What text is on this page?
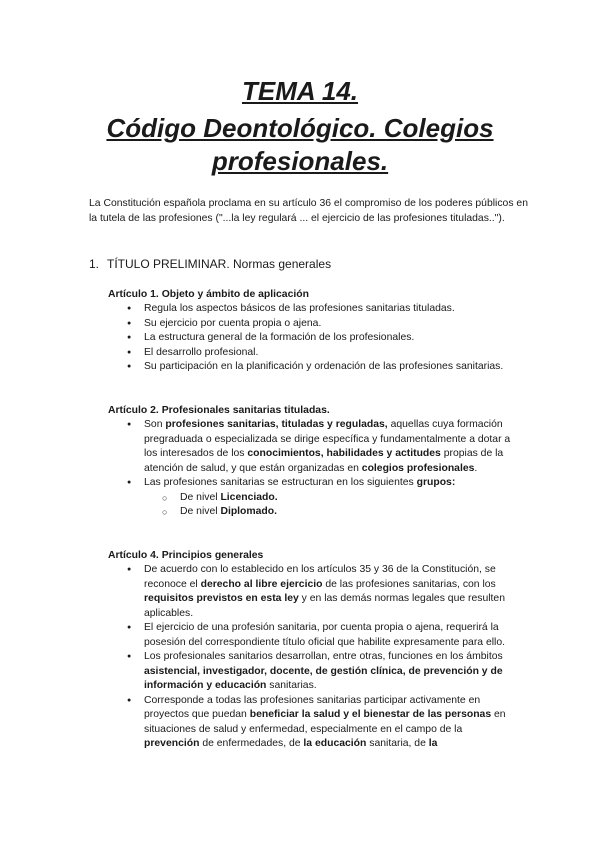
TEMA 14.
Código Deontológico. Colegios
profesionales.

La Constitución española proclama en su artículo 36 el compromiso de los poderes públicos en la tutela de las profesiones ("...la ley regulará ... el ejercicio de las profesiones tituladas..").

1. TÍTULO PRELIMINAR. Normas generales
Artículo 1. Objeto y ámbito de aplicación
● Regula los aspectos básicos de las profesiones sanitarias tituladas.
● Su ejercicio por cuenta propia o ajena.
● La estructura general de la formación de los profesionales.
● El desarrollo profesional.
● Su participación en la planificación y ordenación de las profesiones sanitarias.
Artículo 2. Profesionales sanitarias tituladas.
● Son profesiones sanitarias, tituladas y reguladas, aquellas cuya formación pregraduada o especializada se dirige específica y fundamentalmente a dotar a los interesados de los conocimientos, habilidades y actitudes propias de la atención de salud, y que están organizadas en colegios profesionales.
● Las profesiones sanitarias se estructuran en los siguientes grupos:
○ De nivel Licenciado.
○ De nivel Diplomado.
Artículo 4. Principios generales
● De acuerdo con lo establecido en los artículos 35 y 36 de la Constitución, se reconoce el derecho al libre ejercicio de las profesiones sanitarias, con los requisitos previstos en esta ley y en las demás normas legales que resulten aplicables.
● El ejercicio de una profesión sanitaria, por cuenta propia o ajena, requerirá la posesión del correspondiente título oficial que habilite expresamente para ello.
● Los profesionales sanitarios desarrollan, entre otras, funciones en los ámbitos asistencial, investigador, docente, de gestión clínica, de prevención y de información y educación sanitarias.
● Corresponde a todas las profesiones sanitarias participar activamente en proyectos que puedan beneficiar la salud y el bienestar de las personas en situaciones de salud y enfermedad, especialmente en el campo de la prevención de enfermedades, de la educación sanitaria, de la
